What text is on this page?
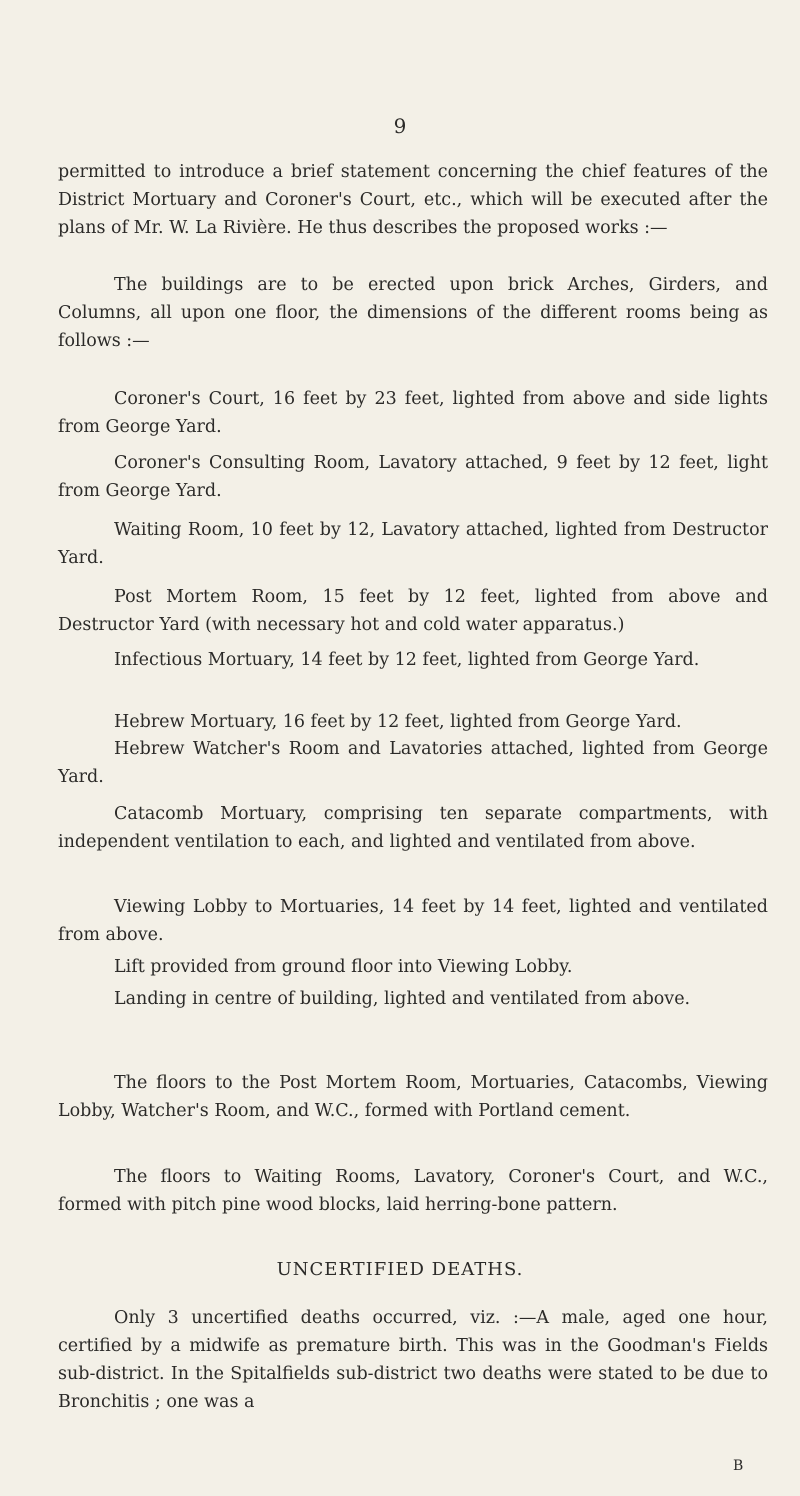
9
permitted to introduce a brief statement concerning the chief features of the District Mortuary and Coroner's Court, etc., which will be executed after the plans of Mr. W. La Rivière. He thus describes the proposed works :—
The buildings are to be erected upon brick Arches, Girders, and Columns, all upon one floor, the dimensions of the different rooms being as follows :—
Coroner's Court, 16 feet by 23 feet, lighted from above and side lights from George Yard.
Coroner's Consulting Room, Lavatory attached, 9 feet by 12 feet, light from George Yard.
Waiting Room, 10 feet by 12, Lavatory attached, lighted from Destructor Yard.
Post Mortem Room, 15 feet by 12 feet, lighted from above and Destructor Yard (with necessary hot and cold water apparatus.)
Infectious Mortuary, 14 feet by 12 feet, lighted from George Yard.
Hebrew Mortuary, 16 feet by 12 feet, lighted from George Yard.
Hebrew Watcher's Room and Lavatories attached, lighted from George Yard.
Catacomb Mortuary, comprising ten separate compartments, with independent ventilation to each, and lighted and ventilated from above.
Viewing Lobby to Mortuaries, 14 feet by 14 feet, lighted and ventilated from above.
Lift provided from ground floor into Viewing Lobby.
Landing in centre of building, lighted and ventilated from above.
The floors to the Post Mortem Room, Mortuaries, Catacombs, Viewing Lobby, Watcher's Room, and W.C., formed with Portland cement.
The floors to Waiting Rooms, Lavatory, Coroner's Court, and W.C., formed with pitch pine wood blocks, laid herring-bone pattern.
UNCERTIFIED DEATHS.
Only 3 uncertified deaths occurred, viz. :—A male, aged one hour, certified by a midwife as premature birth. This was in the Goodman's Fields sub-district. In the Spitalfields sub-district two deaths were stated to be due to Bronchitis ; one was a
B
